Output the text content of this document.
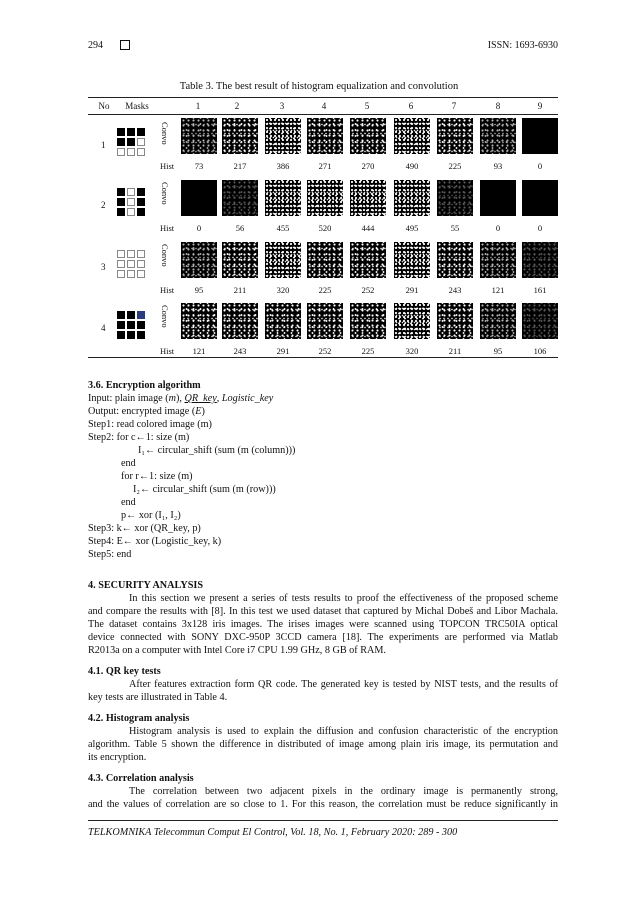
294	ISSN: 1693-6930
Table 3. The best result of histogram equalization and convolution
No	Masks	1	2	3	4	5	6	7	8	9
1
Convo
Hist	73	217	386	271	270	490	225	93	0
2
Convo
Hist	0	56	455	520	444	495	55	0	0
3
Convo
Hist	95	211	320	225	252	291	243	121	161
4
Convo
Hist	121	243	291	252	225	320	211	95	106
3.6. Encryption algorithm
Input: plain image (m), QR_key, Logistic_key
Output: encrypted image (E)
Step1: read colored image (m)
Step2: for c←1: size (m)
I₁← circular_shift (sum (m (column)))
end
for r←1: size (m)
I₂← circular_shift (sum (m (row)))
end
p← xor (I₁, I₂)
Step3: k← xor (QR_key, p)
Step4: E← xor (Logistic_key, k)
Step5: end
4. SECURITY ANALYSIS
In this section we present a series of tests results to proof the effectiveness of the proposed scheme
and compare the results with [8]. In this test we used dataset that captured by Michal Dobeš and Libor Machala.
The dataset contains 3x128 iris images. The irises images were scanned using TOPCON TRC50IA optical
device connected with SONY DXC-950P 3CCD camera [18]. The experiments are performed via Matlab
R2013a on a computer with Intel Core i7 CPU 1.99 GHz, 8 GB of RAM.
4.1. QR key tests
After features extraction form QR code. The generated key is tested by NIST tests, and the results of
key tests are illustrated in Table 4.
4.2. Histogram analysis
Histogram analysis is used to explain the diffusion and confusion characteristic of the encryption
algorithm. Table 5 shown the difference in distributed of image among plain iris image, its permutation and
its encryption.
4.3. Correlation analysis
The correlation between two adjacent pixels in the ordinary image is permanently strong,
and the values of correlation are so close to 1. For this reason, the correlation must be reduce significantly in
TELKOMNIKA Telecommun Comput El Control, Vol. 18, No. 1, February 2020: 289 - 300
